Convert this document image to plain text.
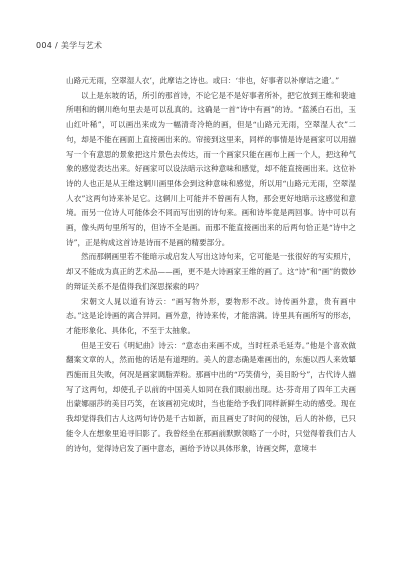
004 / 美学与艺术

山路元无雨，空翠湿人衣’，此摩诘之诗也。或曰：‘非也，好事者以补摩诘之遗’。”

以上是东坡的话，所引的那首诗，不论它是不是好事者所补，把它放到王维和裴迪所唱和的辋川绝句里去是可以乱真的。这确是一首“诗中有画”的诗。“蓝溪白石出，玉山红叶稀”，可以画出来成为一幅清奇冷艳的画，但是“山路元无雨，空翠湿人衣”二句，却是不能在画面上直接画出来的。帘接到这里来，同样的事情是诗是画家可以用描写一个有意思的景象把这片景色去传达，而一个画家只能在画布上画一个人，把这种气象的感觉表达出来。好画家可以设法暗示这种意味和感觉，却不能直接画出来。这位补诗的人也正是从王维这辋川画里体会到这种意味和感觉，所以用“山路元无雨，空翠湿人衣”这两句诗来补足它。这辋川上可能并不曾画有人物，那会更好地暗示这感觉和意境。而另一位诗人可能体会不同而写出别的诗句来。画和诗毕竟是两回事。诗中可以有画，像头两句里所写的，但诗不全是画。而那不能直接画出来的后两句恰正是“诗中之诗”，正是构成这首诗是诗而不是画的精要部分。

然而那辋画里若不能暗示或启发人写出这诗句来，它可能是一张很好的写实照片，却又不能成为真正的艺术品——画，更不是大诗画家王维的画了。这“诗”和“画”的微妙的辩证关系不是值得我们深思探索的吗？

宋朝文人晁以道有诗云：“画写物外形，要物形不改。诗传画外意，贵有画中态。”这是论诗画的离合异同。画外意，待诗来传，才能溶满。诗里具有画所写的形态，才能形象化、具体化，不至于太抽象。

但是王安石《明妃曲》诗云：“意态由来画不成，当时枉杀毛延寿。”他是个喜欢做翻案文章的人，然而他的话是有道理的。美人的意态确是难画出的，东施以西人来效颦西施而且失败，何况是画家调脂弄粉。那画中出的“巧笑倩兮，美目盼兮”，古代诗人描写了这两句，却使孔子以前的中国美人如同在我们眼前出现。达·芬奇用了四年工夫画出蒙娜丽莎的美目巧笑，在该画初完成时，当也能给予我们同样新鲜生动的感受。现在我却觉得我们古人这两句诗仍是千古如新，而且画史了时间的侵蚀，后人的补修，已只能令人在想象里追寻旧影了。我曾经坐在那画前默默领略了一小时，只觉得着我们古人的诗句，觉得诗启发了画中意态，画给予诗以具体形象，诗画交辉，意境丰
